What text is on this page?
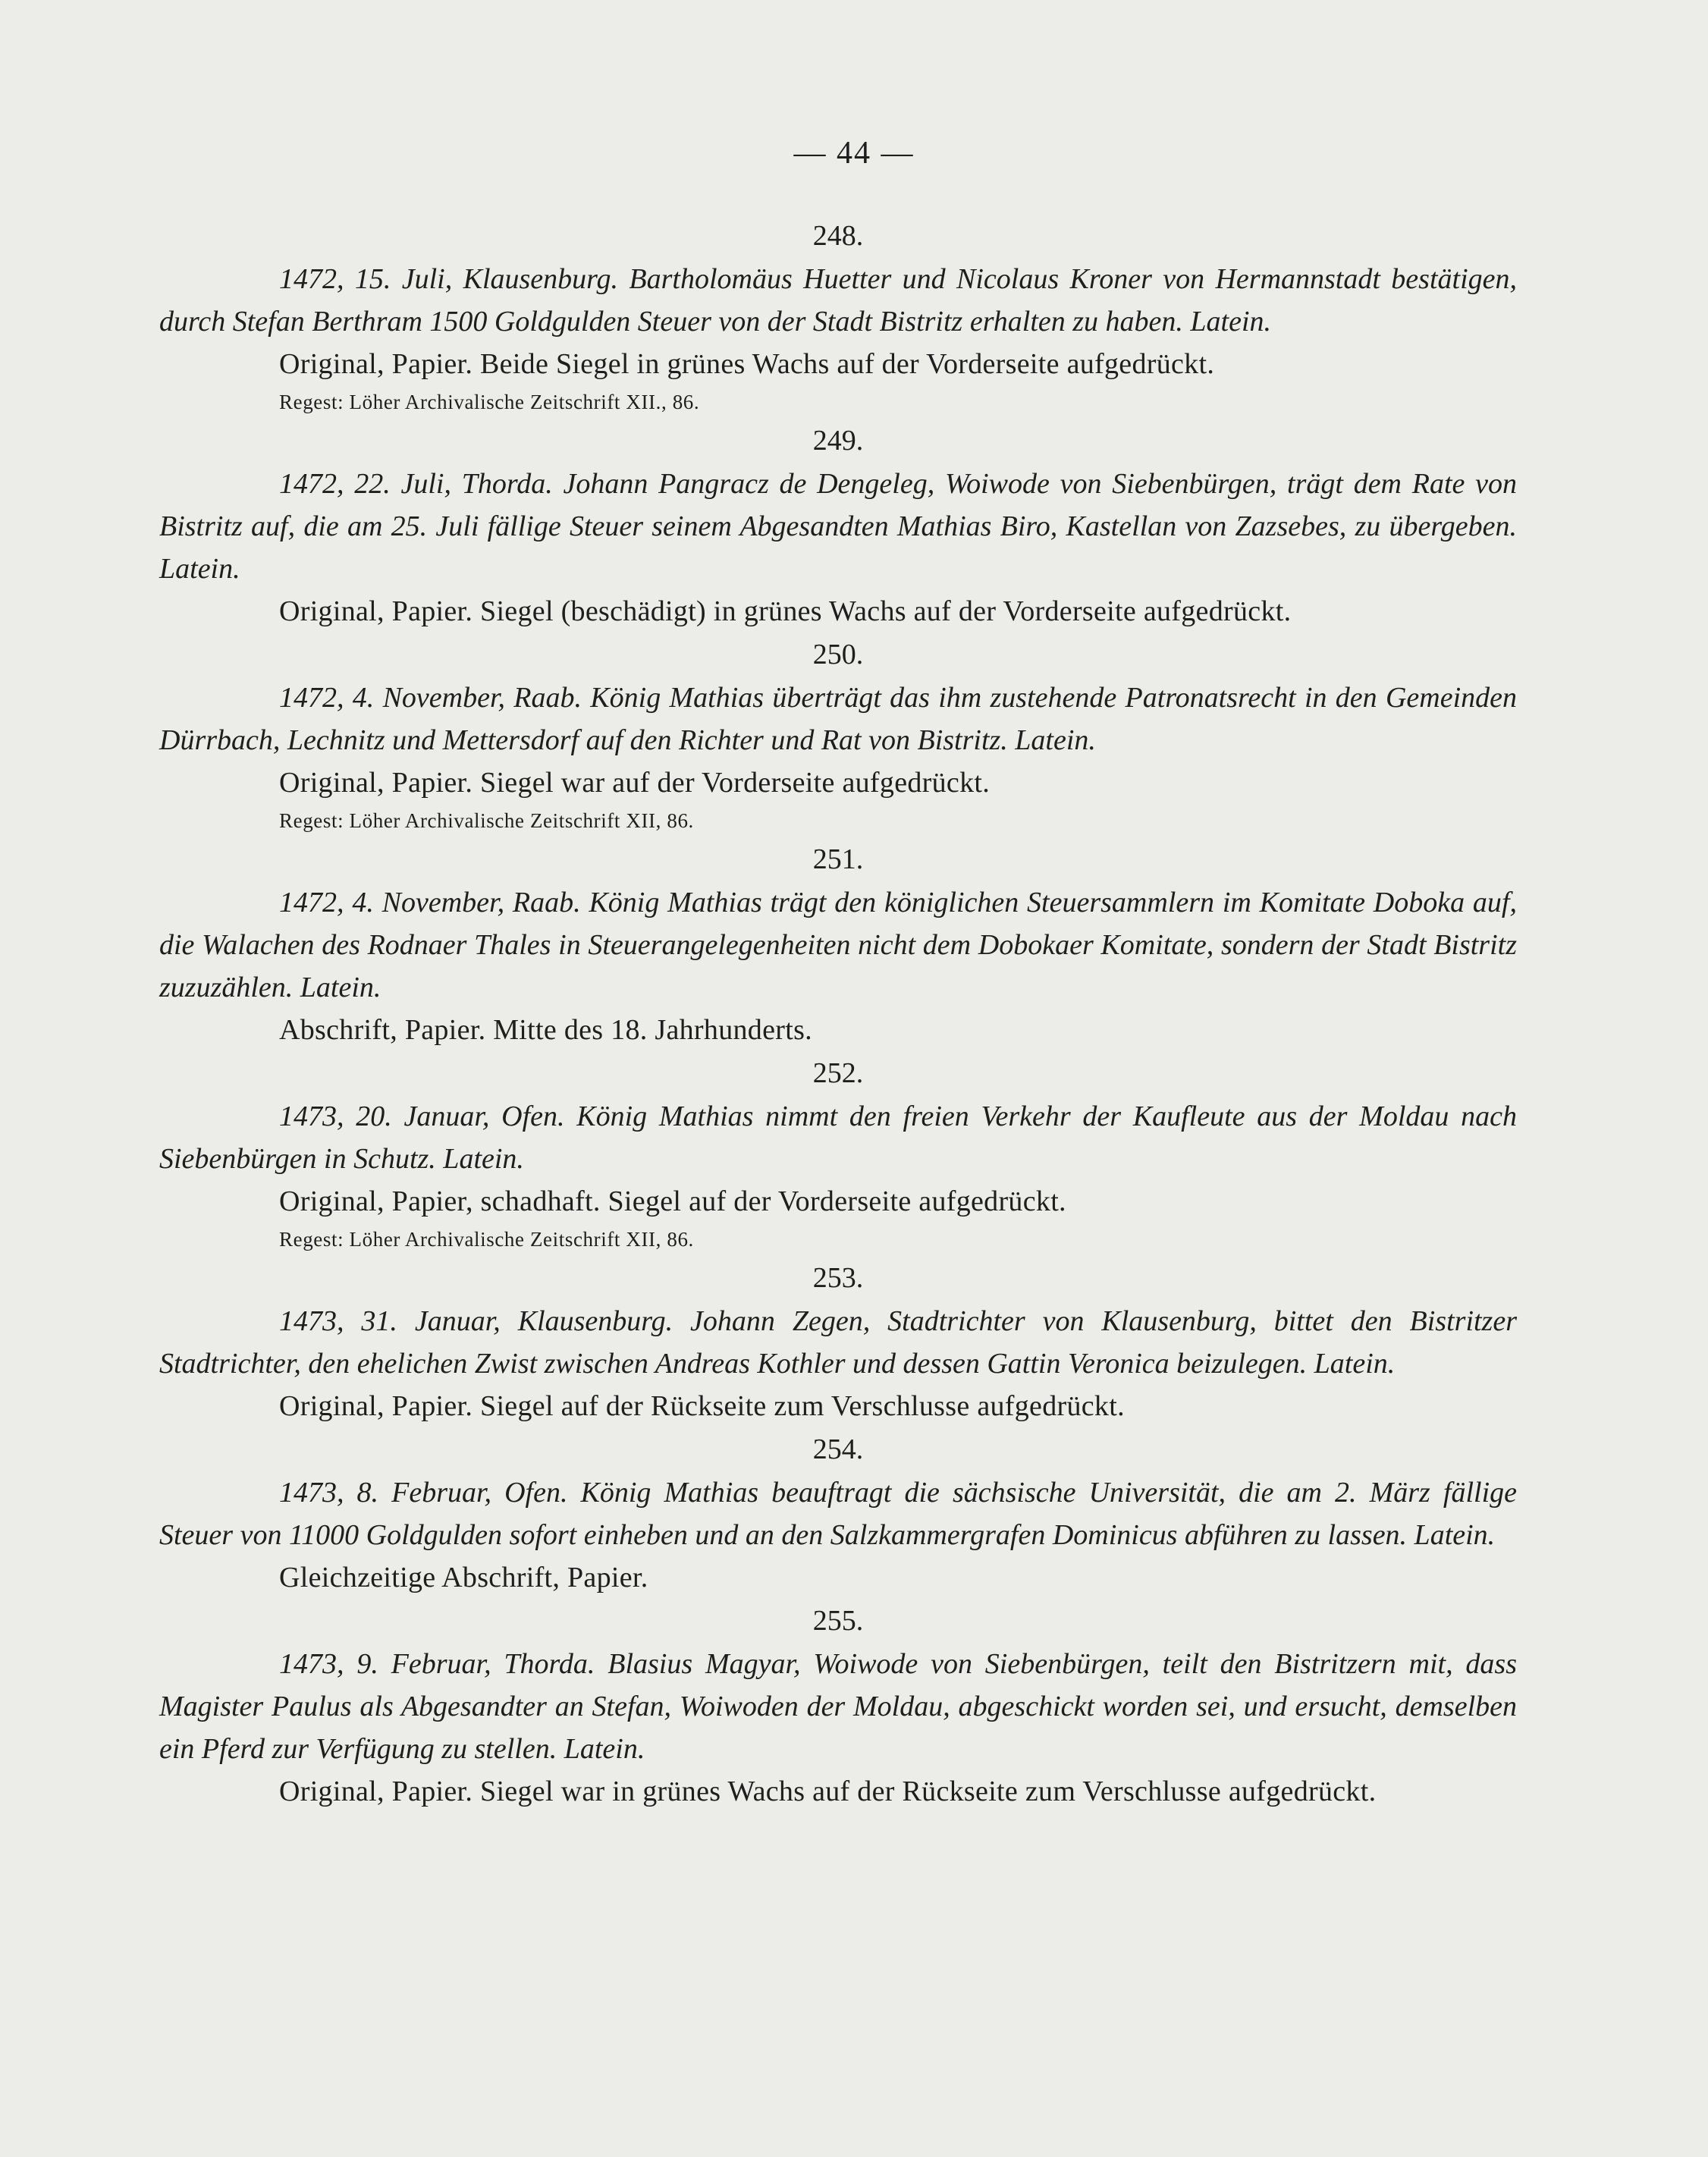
— 44 —
248.
1472, 15. Juli, Klausenburg. Bartholomäus Huetter und Nicolaus Kroner von Hermannstadt bestätigen, durch Stefan Berthram 1500 Goldgulden Steuer von der Stadt Bistritz erhalten zu haben. Latein.
Original, Papier. Beide Siegel in grünes Wachs auf der Vorderseite aufgedrückt.
Regest: Löher Archivalische Zeitschrift XII., 86.
249.
1472, 22. Juli, Thorda. Johann Pangracz de Dengeleg, Woiwode von Siebenbürgen, trägt dem Rate von Bistritz auf, die am 25. Juli fällige Steuer seinem Abgesandten Mathias Biro, Kastellan von Zazsebes, zu übergeben. Latein.
Original, Papier. Siegel (beschädigt) in grünes Wachs auf der Vorderseite aufgedrückt.
250.
1472, 4. November, Raab. König Mathias überträgt das ihm zustehende Patronatsrecht in den Gemeinden Dürrbach, Lechnitz und Mettersdorf auf den Richter und Rat von Bistritz. Latein.
Original, Papier. Siegel war auf der Vorderseite aufgedrückt.
Regest: Löher Archivalische Zeitschrift XII, 86.
251.
1472, 4. November, Raab. König Mathias trägt den königlichen Steuersammlern im Komitate Doboka auf, die Walachen des Rodnaer Thales in Steuerangelegenheiten nicht dem Dobokaer Komitate, sondern der Stadt Bistritz zuzuzählen. Latein.
Abschrift, Papier. Mitte des 18. Jahrhunderts.
252.
1473, 20. Januar, Ofen. König Mathias nimmt den freien Verkehr der Kaufleute aus der Moldau nach Siebenbürgen in Schutz. Latein.
Original, Papier, schadhaft. Siegel auf der Vorderseite aufgedrückt.
Regest: Löher Archivalische Zeitschrift XII, 86.
253.
1473, 31. Januar, Klausenburg. Johann Zegen, Stadtrichter von Klausenburg, bittet den Bistritzer Stadtrichter, den ehelichen Zwist zwischen Andreas Kothler und dessen Gattin Veronica beizulegen. Latein.
Original, Papier. Siegel auf der Rückseite zum Verschlusse aufgedrückt.
254.
1473, 8. Februar, Ofen. König Mathias beauftragt die sächsische Universität, die am 2. März fällige Steuer von 11000 Goldgulden sofort einheben und an den Salzkammergrafen Dominicus abführen zu lassen. Latein.
Gleichzeitige Abschrift, Papier.
255.
1473, 9. Februar, Thorda. Blasius Magyar, Woiwode von Siebenbürgen, teilt den Bistritzern mit, dass Magister Paulus als Abgesandter an Stefan, Woiwoden der Moldau, abgeschickt worden sei, und ersucht, demselben ein Pferd zur Verfügung zu stellen. Latein.
Original, Papier. Siegel war in grünes Wachs auf der Rückseite zum Verschlusse aufgedrückt.
